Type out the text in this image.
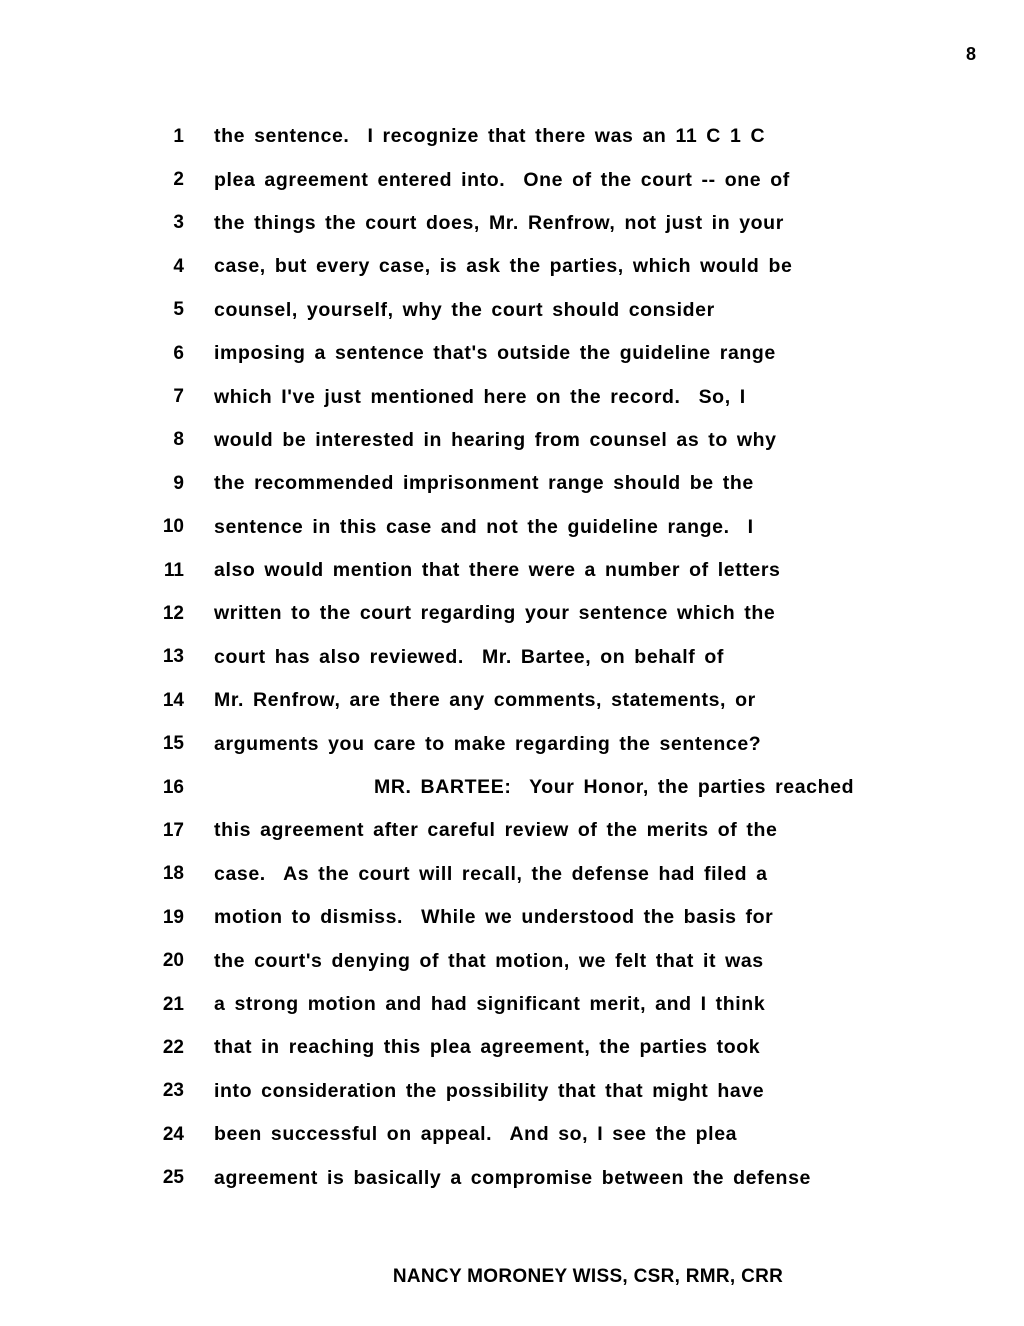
8
1 the sentence.  I recognize that there was an 11 C 1 C
2 plea agreement entered into.  One of the court -- one of
3 the things the court does, Mr. Renfrow, not just in your
4 case, but every case, is ask the parties, which would be
5 counsel, yourself, why the court should consider
6 imposing a sentence that's outside the guideline range
7 which I've just mentioned here on the record.  So, I
8 would be interested in hearing from counsel as to why
9 the recommended imprisonment range should be the
10 sentence in this case and not the guideline range.  I
11 also would mention that there were a number of letters
12 written to the court regarding your sentence which the
13 court has also reviewed.  Mr. Bartee, on behalf of
14 Mr. Renfrow, are there any comments, statements, or
15 arguments you care to make regarding the sentence?
16	MR. BARTEE:  Your Honor, the parties reached
17 this agreement after careful review of the merits of the
18 case.  As the court will recall, the defense had filed a
19 motion to dismiss.  While we understood the basis for
20 the court's denying of that motion, we felt that it was
21 a strong motion and had significant merit, and I think
22 that in reaching this plea agreement, the parties took
23 into consideration the possibility that that might have
24 been successful on appeal.  And so, I see the plea
25 agreement is basically a compromise between the defense
NANCY MORONEY WISS, CSR, RMR, CRR
